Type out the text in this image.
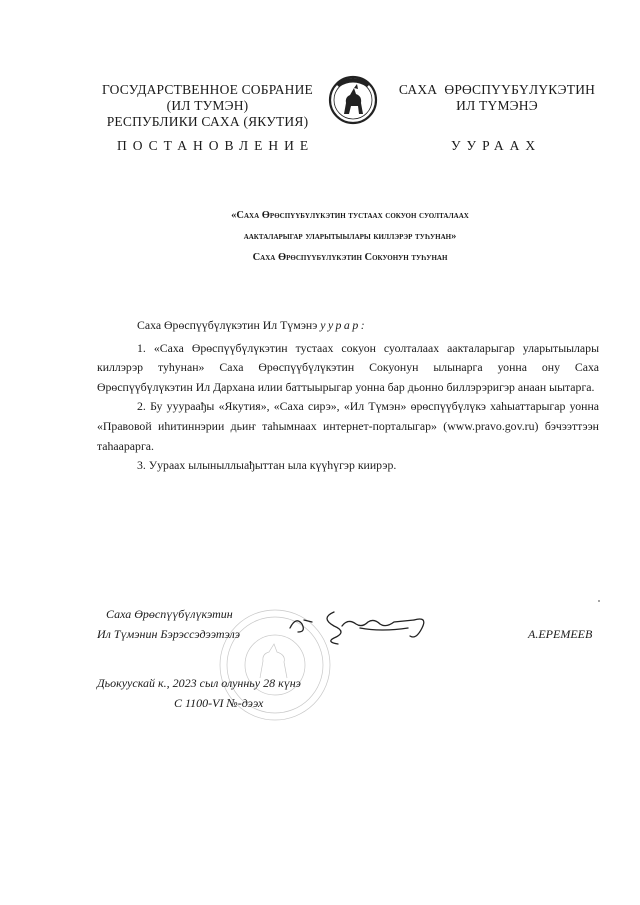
ГОСУДАРСТВЕННОЕ СОБРАНИЕ
(ИЛ ТУМЭН)
РЕСПУБЛИКИ САХА (ЯКУТИЯ)
САХА  ӨРӨСПҮҮБҮЛҮКЭТИН
ИЛ ТҮМЭНЭ
ПОСТАНОВЛЕНИЕ	УУРААХ
«Саха Өрөспүүбүлүкэтин тустаах сокуон суолталаах
аакталарыгар уларытыылары киллэрэр туһунан»
Саха Өрөспүүбүлүкэтин Сокуонун туһунан

Саха Өрөспүүбүлүкэтин Ил Түмэнэ уурар:

1. «Саха Өрөспүүбүлүкэтин тустаах сокуон суолталаах аакталарыгар уларытыылары киллэрэр туһунан» Саха Өрөспүүбүлүкэтин Сокуонун ылынарга уонна ону Саха Өрөспүүбүлүкэтин Ил Дархана илии баттыырыгар уонна бар дьонно биллэрэригэр анаан ыытарга.

2. Бу ууураађы «Якутия», «Саха сирэ», «Ил Түмэн» өрөспүүбүлүкэ хаһыаттарыгар уонна «Правовой иһитиннэрии дьиҥ таһымнаах интернет-порталыгар» (www.pravo.gov.ru) бэчээттээн таһаарарга.

3. Уураах ылыныллыађыттан ыла күүһүгэр киирэр.

Саха Өрөспүүбүлүкэтин
Ил Түмэнин Бэрэссэдээтэлэ	А.ЕРЕМЕЕВ
Дьокуускай к., 2023 сыл олунньу 28 күнэ
С 1100-VI №-дээх
